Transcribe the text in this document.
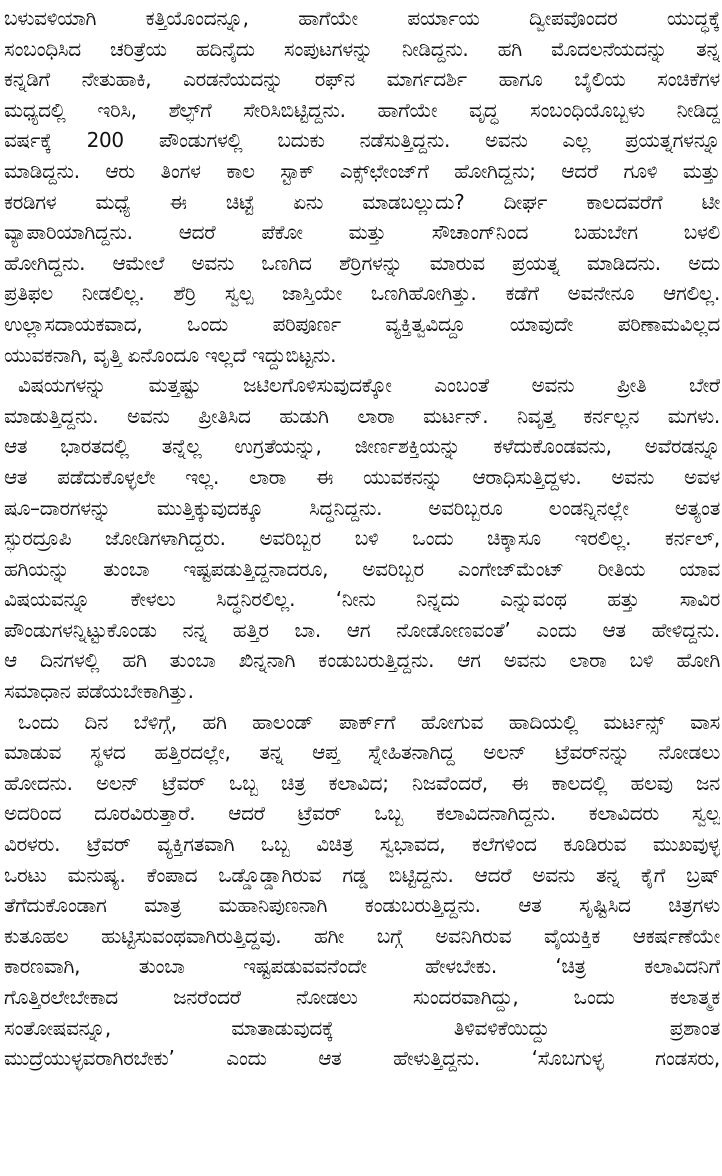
ಬಳುವಳಿಯಾಗಿ ಕತ್ತಿಯೊಂದನ್ನೂ, ಹಾಗೆಯೇ ಪರ್ಯಾಯ ದ್ವೀಪವೊಂದರ ಯುದ್ಧಕ್ಕೆ
ಸಂಬಂಧಿಸಿದ ಚರಿತ್ರೆಯ ಹದಿನೈದು ಸಂಪುಟಗಳನ್ನು ನೀಡಿದ್ದನು. ಹಗಿ ಮೊದಲನೆಯದನ್ನು ತನ್ನ
ಕನ್ನಡಿಗೆ ನೇತುಹಾಕಿ, ಎರಡನೆಯದನ್ನು ರಫ್‌ನ ಮಾರ್ಗದರ್ಶಿ ಹಾಗೂ ಬೈಲಿಯ ಸಂಚಿಕೆಗಳ
ಮಧ್ಯದಲ್ಲಿ ಇರಿಸಿ, ಶೆಲ್ಫ್‌ಗೆ ಸೇರಿಸಿಬಿಟ್ಟಿದ್ದನು. ಹಾಗೆಯೇ ವೃದ್ಧ ಸಂಬಂಧಿಯೊಬ್ಬಳು ನೀಡಿದ್ದ
ವರ್ಷಕ್ಕೆ 200 ಪೌಂಡುಗಳಲ್ಲಿ ಬದುಕು ನಡೆಸುತ್ತಿದ್ದನು. ಅವನು ಎಲ್ಲ ಪ್ರಯತ್ನಗಳನ್ನೂ
ಮಾಡಿದ್ದನು. ಆರು ತಿಂಗಳ ಕಾಲ ಸ್ಟಾಕ್ ಎಕ್ಸ್‌ಛೇಂಜ್‌ಗೆ ಹೋಗಿದ್ದನು; ಆದರೆ ಗೂಳಿ ಮತ್ತು
ಕರಡಿಗಳ ಮಧ್ಯೆ ಈ ಚಿಟ್ಟೆ ಏನು ಮಾಡಬಲ್ಲುದು? ದೀರ್ಘ ಕಾಲದವರೆಗೆ ಟೀ
ವ್ಯಾಪಾರಿಯಾಗಿದ್ದನು. ಆದರೆ ಪೆಕೋ ಮತ್ತು ಸೌಚಾಂಗ್‌ನಿಂದ ಬಹುಬೇಗ ಬಳಲಿ
ಹೋಗಿದ್ದನು. ಆಮೇಲೆ ಅವನು ಒಣಗಿದ ಶೆರ್ರಿಗಳನ್ನು ಮಾರುವ ಪ್ರಯತ್ನ ಮಾಡಿದನು. ಅದು
ಪ್ರತಿಫಲ ನೀಡಲಿಲ್ಲ. ಶೆರ್ರಿ ಸ್ವಲ್ಪ ಜಾಸ್ತಿಯೇ ಒಣಗಿಹೋಗಿತ್ತು. ಕಡೆಗೆ ಅವನೇನೂ ಆಗಲಿಲ್ಲ.
ಉಲ್ಲಾಸದಾಯಕವಾದ, ಒಂದು ಪರಿಪೂರ್ಣ ವ್ಯಕ್ತಿತ್ವವಿದ್ದೂ ಯಾವುದೇ ಪರಿಣಾಮವಿಲ್ಲದ
ಯುವಕನಾಗಿ, ವೃತ್ತಿ ಏನೊಂದೂ ಇಲ್ಲದೆ ಇದ್ದುಬಿಟ್ಟನು.

ವಿಷಯಗಳನ್ನು ಮತ್ತಷ್ಟು ಜಟಿಲಗೊಳಿಸುವುದಕ್ಕೋ ಎಂಬಂತೆ ಅವನು ಪ್ರೀತಿ ಬೇರೆ
ಮಾಡುತ್ತಿದ್ದನು. ಅವನು ಪ್ರೀತಿಸಿದ ಹುಡುಗಿ ಲಾರಾ ಮರ್ಟನ್. ನಿವೃತ್ತ ಕರ್ನಲ್ಲನ ಮಗಳು.
ಆತ ಭಾರತದಲ್ಲಿ ತನ್ನೆಲ್ಲ ಉಗ್ರತೆಯನ್ನು, ಜೀರ್ಣಶಕ್ತಿಯನ್ನು ಕಳೆದುಕೊಂಡವನು, ಅವೆರಡನ್ನೂ
ಆತ ಪಡೆದುಕೊಳ್ಳಲೇ ಇಲ್ಲ. ಲಾರಾ ಈ ಯುವಕನನ್ನು ಆರಾಧಿಸುತ್ತಿದ್ದಳು. ಅವನು ಅವಳ
ಷೂ–ದಾರಗಳನ್ನು ಮುತ್ತಿಕ್ಕುವುದಕ್ಕೂ ಸಿದ್ಧನಿದ್ದನು. ಅವರಿಬ್ಬರೂ ಲಂಡನ್ನಿನಲ್ಲೇ ಅತ್ಯಂತ
ಸ್ಫುರದ್ರೂಪಿ ಜೋಡಿಗಳಾಗಿದ್ದರು. ಅವರಿಬ್ಬರ ಬಳಿ ಒಂದು ಚಿಕ್ಕಾಸೂ ಇರಲಿಲ್ಲ. ಕರ್ನಲ್,
ಹಗಿಯನ್ನು ತುಂಬಾ ಇಷ್ಟಪಡುತ್ತಿದ್ದನಾದರೂ, ಅವರಿಬ್ಬರ ಎಂಗೇಜ್‌ಮೆಂಟ್ ರೀತಿಯ ಯಾವ
ವಿಷಯವನ್ನೂ ಕೇಳಲು ಸಿದ್ಧನಿರಲಿಲ್ಲ. ‘ನೀನು ನಿನ್ನದು ಎನ್ನುವಂಥ ಹತ್ತು ಸಾವಿರ
ಪೌಂಡುಗಳನ್ನಿಟ್ಟುಕೊಂಡು ನನ್ನ ಹತ್ತಿರ ಬಾ. ಆಗ ನೋಡೋಣವಂತೆ’ ಎಂದು ಆತ ಹೇಳಿದ್ದನು.
ಆ ದಿನಗಳಲ್ಲಿ ಹಗಿ ತುಂಬಾ ಖಿನ್ನನಾಗಿ ಕಂಡುಬರುತ್ತಿದ್ದನು. ಆಗ ಅವನು ಲಾರಾ ಬಳಿ ಹೋಗಿ
ಸಮಾಧಾನ ಪಡೆಯಬೇಕಾಗಿತ್ತು.

ಒಂದು ದಿನ ಬೆಳಿಗ್ಗೆ, ಹಗಿ ಹಾಲಂಡ್ ಪಾರ್ಕ್‌ಗೆ ಹೋಗುವ ಹಾದಿಯಲ್ಲಿ ಮರ್ಟನ್ಸ್ ವಾಸ
ಮಾಡುವ ಸ್ಥಳದ ಹತ್ತಿರದಲ್ಲೇ, ತನ್ನ ಆಪ್ತ ಸ್ನೇಹಿತನಾಗಿದ್ದ ಅಲನ್ ಟ್ರೆವರ್‌ನನ್ನು ನೋಡಲು
ಹೋದನು. ಅಲನ್ ಟ್ರೆವರ್ ಒಬ್ಬ ಚಿತ್ರ ಕಲಾವಿದ; ನಿಜವೆಂದರೆ, ಈ ಕಾಲದಲ್ಲಿ ಹಲವು ಜನ
ಅದರಿಂದ ದೂರವಿರುತ್ತಾರೆ. ಆದರೆ ಟ್ರೆವರ್ ಒಬ್ಬ ಕಲಾವಿದನಾಗಿದ್ದನು. ಕಲಾವಿದರು ಸ್ವಲ್ಪ
ವಿರಳರು. ಟ್ರೆವರ್ ವ್ಯಕ್ತಿಗತವಾಗಿ ಒಬ್ಬ ವಿಚಿತ್ರ ಸ್ವಭಾವದ, ಕಲೆಗಳಿಂದ ಕೂಡಿರುವ ಮುಖವುಳ್ಳ
ಒರಟು ಮನುಷ್ಯ. ಕೆಂಪಾದ ಒಡ್ಡೊಡ್ಡಾಗಿರುವ ಗಡ್ಡ ಬಿಟ್ಟಿದ್ದನು. ಆದರೆ ಅವನು ತನ್ನ ಕೈಗೆ ಬ್ರಷ್
ತೆಗೆದುಕೊಂಡಾಗ ಮಾತ್ರ ಮಹಾನಿಪುಣನಾಗಿ ಕಂಡುಬರುತ್ತಿದ್ದನು. ಆತ ಸೃಷ್ಟಿಸಿದ ಚಿತ್ರಗಳು
ಕುತೂಹಲ ಹುಟ್ಟಿಸುವಂಥವಾಗಿರುತ್ತಿದ್ದವು. ಹಗೀ ಬಗ್ಗೆ ಅವನಿಗಿರುವ ವೈಯಕ್ತಿಕ ಆಕರ್ಷಣೆಯೇ
ಕಾರಣವಾಗಿ, ತುಂಬಾ ಇಷ್ಟಪಡುವವನೆಂದೇ ಹೇಳಬೇಕು. ‘ಚಿತ್ರ ಕಲಾವಿದನಿಗೆ
ಗೊತ್ತಿರಲೇಬೇಕಾದ ಜನರೆಂದರೆ ನೋಡಲು ಸುಂದರವಾಗಿದ್ದು, ಒಂದು ಕಲಾತ್ಮಕ
ಸಂತೋಷವನ್ನೂ, ಮಾತಾಡುವುದಕ್ಕೆ ತಿಳಿವಳಿಕೆಯಿದ್ದು ಪ್ರಶಾಂತ
ಮುದ್ರೆಯುಳ್ಳವರಾಗಿರಬೇಕು’ ಎಂದು ಆತ ಹೇಳುತ್ತಿದ್ದನು. ‘ಸೊಬಗುಳ್ಳ ಗಂಡಸರು,
